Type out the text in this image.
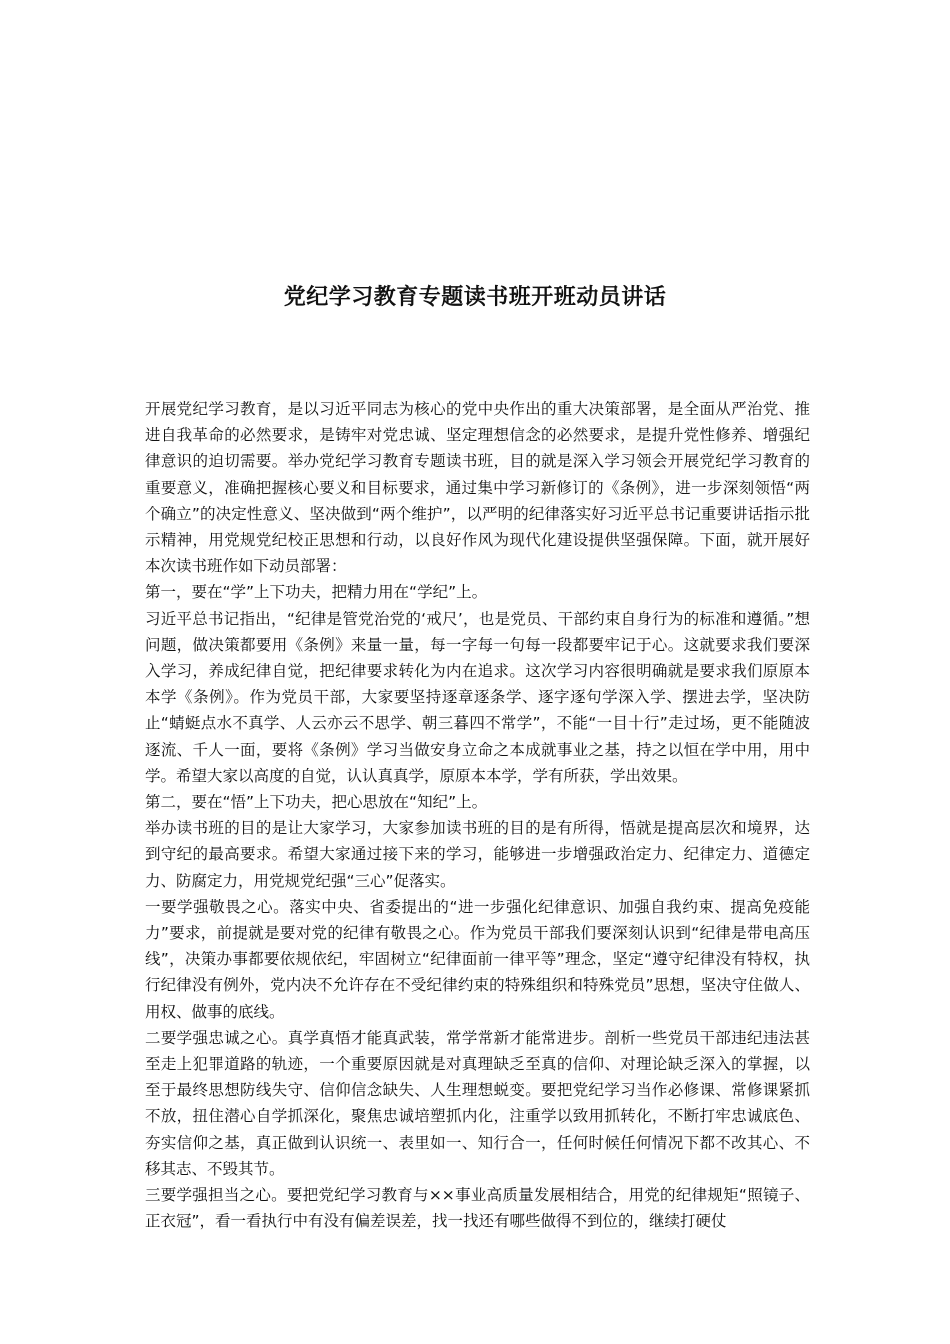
党纪学习教育专题读书班开班动员讲话

开展党纪学习教育，是以习近平同志为核心的党中央作出的重大决策部署，是全面从严治党、推进自我革命的必然要求，是铸牢对党忠诚、坚定理想信念的必然要求，是提升党性修养、增强纪律意识的迫切需要。举办党纪学习教育专题读书班，目的就是深入学习领会开展党纪学习教育的重要意义，准确把握核心要义和目标要求，通过集中学习新修订的《条例》，进一步深刻领悟“两个确立”的决定性意义、坚决做到“两个维护”，以严明的纪律落实好习近平总书记重要讲话指示批示精神，用党规党纪校正思想和行动，以良好作风为现代化建设提供坚强保障。下面，就开展好本次读书班作如下动员部署：

第一，要在“学”上下功夫，把精力用在“学纪”上。

习近平总书记指出，“纪律是管党治党的‘戒尺’，也是党员、干部约束自身行为的标准和遵循。”想问题，做决策都要用《条例》来量一量，每一字每一句每一段都要牢记于心。这就要求我们要深入学习，养成纪律自觉，把纪律要求转化为内在追求。这次学习内容很明确就是要求我们原原本本学《条例》。作为党员干部，大家要坚持逐章逐条学、逐字逐句学深入学、摆进去学，坚决防止“蜻蜓点水不真学、人云亦云不思学、朝三暮四不常学”，不能“一目十行”走过场，更不能随波逐流、千人一面，要将《条例》学习当做安身立命之本成就事业之基，持之以恒在学中用，用中学。希望大家以高度的自觉，认认真真学，原原本本学，学有所获，学出效果。

第二，要在“悟”上下功夫，把心思放在“知纪”上。

举办读书班的目的是让大家学习，大家参加读书班的目的是有所得，悟就是提高层次和境界，达到守纪的最高要求。希望大家通过接下来的学习，能够进一步增强政治定力、纪律定力、道德定力、防腐定力，用党规党纪强“三心”促落实。

一要学强敬畏之心。落实中央、省委提出的“进一步强化纪律意识、加强自我约束、提高免疫能力”要求，前提就是要对党的纪律有敬畏之心。作为党员干部我们要深刻认识到“纪律是带电高压线”，决策办事都要依规依纪，牢固树立“纪律面前一律平等”理念，坚定“遵守纪律没有特权，执行纪律没有例外，党内决不允许存在不受纪律约束的特殊组织和特殊党员”思想，坚决守住做人、用权、做事的底线。

二要学强忠诚之心。真学真悟才能真武装，常学常新才能常进步。剖析一些党员干部违纪违法甚至走上犯罪道路的轨迹，一个重要原因就是对真理缺乏至真的信仰、对理论缺乏深入的掌握，以至于最终思想防线失守、信仰信念缺失、人生理想蜕变。要把党纪学习当作必修课、常修课紧抓不放，扭住潜心自学抓深化，聚焦忠诚培塑抓内化，注重学以致用抓转化，不断打牢忠诚底色、夯实信仰之基，真正做到认识统一、表里如一、知行合一，任何时候任何情况下都不改其心、不移其志、不毁其节。

三要学强担当之心。要把党纪学习教育与××事业高质量发展相结合，用党的纪律规矩“照镜子、正衣冠”，看一看执行中有没有偏差误差，找一找还有哪些做得不到位的，继续打硬仗
